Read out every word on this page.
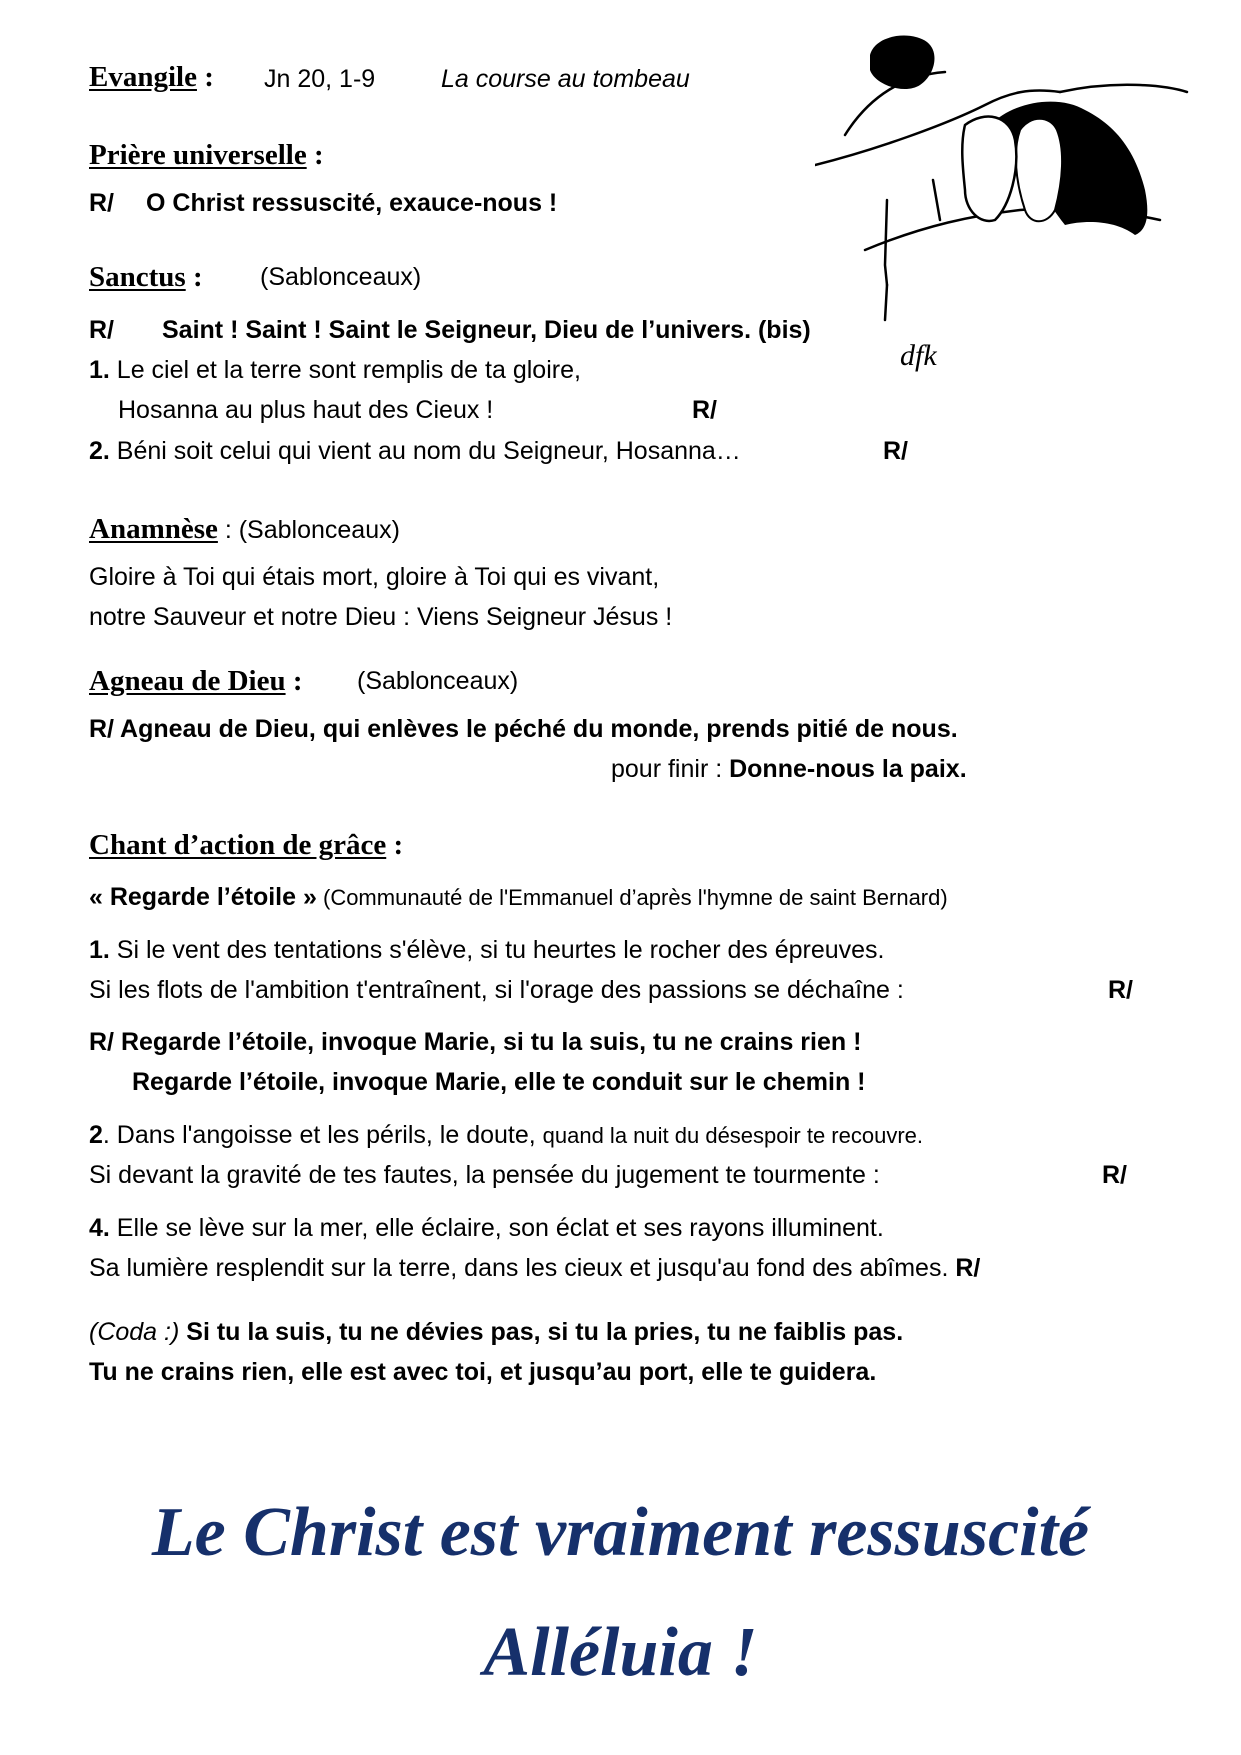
dfk
Evangile : Jn 20, 1-9	La course au tombeau
Prière universelle :
R/ O Christ ressuscité, exauce-nous !
Sanctus : (Sablonceaux)
R/ Saint ! Saint ! Saint le Seigneur, Dieu de l’univers. (bis)
1. Le ciel et la terre sont remplis de ta gloire,
Hosanna au plus haut des Cieux !	R/
2. Béni soit celui qui vient au nom du Seigneur, Hosanna…	R/
Anamnèse : (Sablonceaux)
Gloire à Toi qui étais mort, gloire à Toi qui es vivant,
notre Sauveur et notre Dieu : Viens Seigneur Jésus !
Agneau de Dieu : (Sablonceaux)
R/ Agneau de Dieu, qui enlèves le péché du monde, prends pitié de nous.
pour finir : Donne-nous la paix.
Chant d’action de grâce :
« Regarde l’étoile » (Communauté de l'Emmanuel d’après l'hymne de saint Bernard)
1. Si le vent des tentations s'élève, si tu heurtes le rocher des épreuves.
Si les flots de l'ambition t'entraînent, si l'orage des passions se déchaîne :	R/
R/ Regarde l’étoile, invoque Marie, si tu la suis, tu ne crains rien !
Regarde l’étoile, invoque Marie, elle te conduit sur le chemin !
2. Dans l'angoisse et les périls, le doute, quand la nuit du désespoir te recouvre.
Si devant la gravité de tes fautes, la pensée du jugement te tourmente :	R/
4. Elle se lève sur la mer, elle éclaire, son éclat et ses rayons illuminent.
Sa lumière resplendit sur la terre, dans les cieux et jusqu'au fond des abîmes. R/
(Coda :) Si tu la suis, tu ne dévies pas, si tu la pries, tu ne faiblis pas.
Tu ne crains rien, elle est avec toi, et jusqu’au port, elle te guidera.
Le Christ est vraiment ressuscité
Alléluia !
